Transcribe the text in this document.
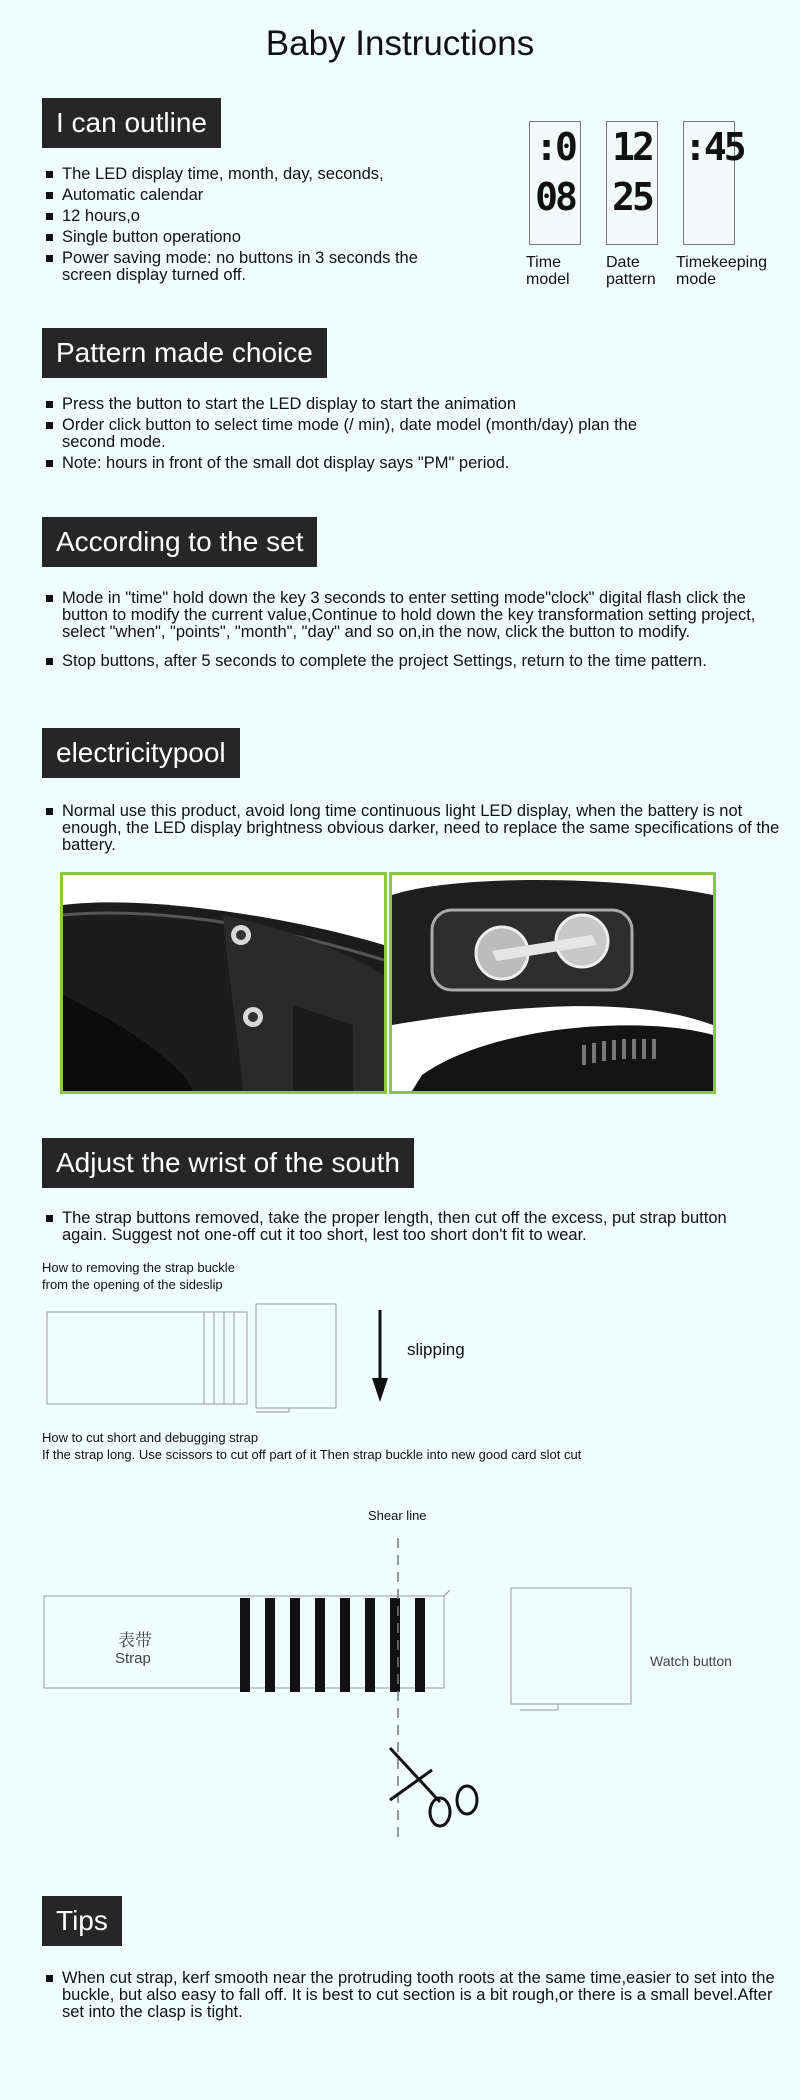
Baby Instructions
I can outline
The LED display time, month, day, seconds,
Automatic calendar
12 hours,o
Single button operationo
Power saving mode: no buttons in 3 seconds the screen display turned off.
:0
08
12
25
:45
Time model
Date pattern
Timekeeping mode
Pattern made choice
Press the button to start the LED display to start the animation
Order click button to select time mode (/ min), date model (month/day) plan the second mode.
Note: hours in front of the small dot display says "PM" period.
According to the set
Mode in "time" hold down the key 3 seconds to enter setting mode"clock" digital flash click the button to modify the current value,Continue to hold down the key transformation setting project, select "when", "points", "month", "day" and so on,in the now, click the button to modify.
Stop buttons, after 5 seconds to complete the project Settings, return to the time pattern.
electricitypool
Normal use this product, avoid long time continuous light LED display, when the battery is not enough, the LED display brightness obvious darker, need to replace the same specifications of the battery.
Adjust the wrist of the south
The strap buttons removed, take the proper length, then cut off the excess, put strap button again. Suggest not one-off cut it too short, lest too short don't fit to wear.
How to removing the strap buckle
from the opening of the sideslip
slipping
How to cut short and debugging strap
If the strap long. Use scissors to cut off part of it Then strap buckle into new good card slot cut
Shear line
表带
Strap	Watch button
Tips
When cut strap, kerf smooth near the protruding tooth roots at the same time,easier to set into the buckle, but also easy to fall off. It is best to cut section is a bit rough,or there is a small bevel.After set into the clasp is tight.
